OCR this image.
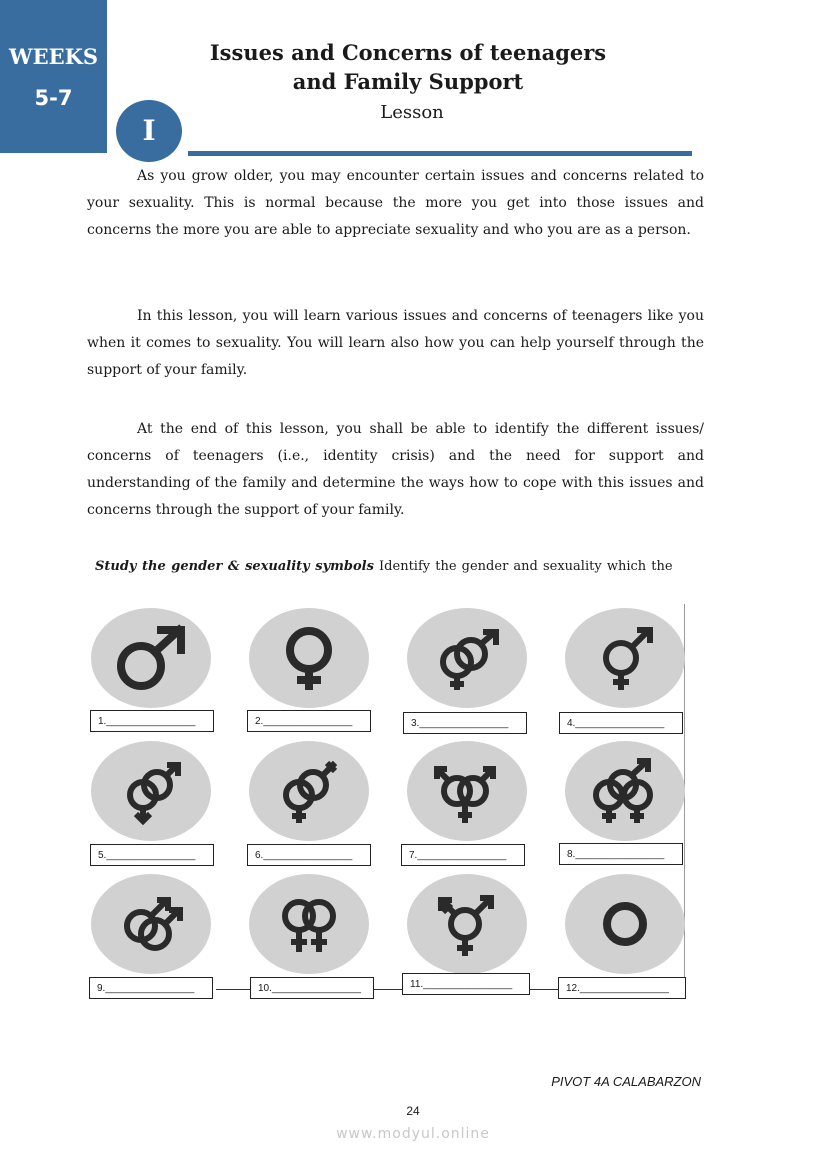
WEEKS
5-7
Issues and Concerns of teenagers
and Family Support
Lesson
I

As you grow older, you may encounter certain issues and concerns related to your sexuality. This is normal because the more you get into those issues and concerns the more you are able to appreciate sexuality and who you are as a person.

In this lesson, you will learn various issues and concerns of teenagers like you when it comes to sexuality. You will learn also how you can help yourself through the support of your family.

At the end of this lesson, you shall be able to identify the different issues/ concerns of teenagers (i.e., identity crisis) and the need for support and understanding of the family and determine the ways how to cope with this issues and concerns through the support of your family.

Study the gender & sexuality symbols Identify the gender and sexuality which the
1.________________	2.________________	3.________________	4.________________
5.________________	6.________________	7.________________	8.________________
9.________________	10.________________	11.________________	12.________________
PIVOT 4A CALABARZON
24
www.modyul.online
